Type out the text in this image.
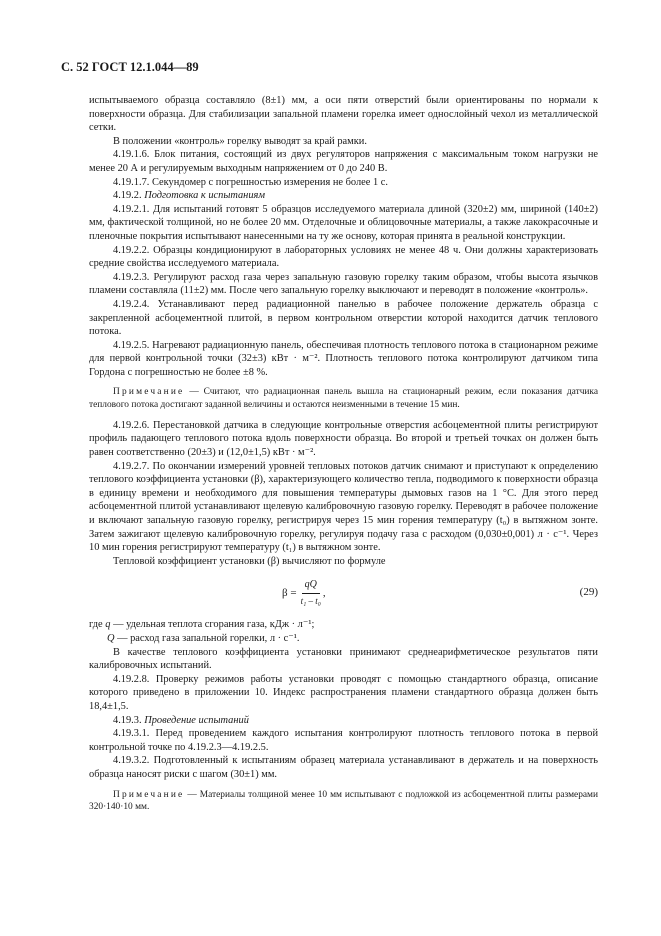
С. 52 ГОСТ 12.1.044—89

испытываемого образца составляло (8±1) мм, а оси пяти отверстий были ориентированы по нормали к поверхности образца. Для стабилизации запальной пламени горелка имеет однослойный чехол из металлической сетки.

В положении «контроль» горелку выводят за край рамки.

4.19.1.6. Блок питания, состоящий из двух регуляторов напряжения с максимальным током нагрузки не менее 20 А и регулируемым выходным напряжением от 0 до 240 В.

4.19.1.7. Секундомер с погрешностью измерения не более 1 с.

4.19.2. Подготовка к испытаниям

4.19.2.1. Для испытаний готовят 5 образцов исследуемого материала длиной (320±2) мм, шириной (140±2) мм, фактической толщиной, но не более 20 мм. Отделочные и облицовочные материалы, а также лакокрасочные и пленочные покрытия испытывают нанесенными на ту же основу, которая принята в реальной конструкции.

4.19.2.2. Образцы кондиционируют в лабораторных условиях не менее 48 ч. Они должны характеризовать средние свойства исследуемого материала.

4.19.2.3. Регулируют расход газа через запальную газовую горелку таким образом, чтобы высота язычков пламени составляла (11±2) мм. После чего запальную горелку выключают и переводят в положение «контроль».

4.19.2.4. Устанавливают перед радиационной панелью в рабочее положение держатель образца с закрепленной асбоцементной плитой, в первом контрольном отверстии которой находится датчик теплового потока.

4.19.2.5. Нагревают радиационную панель, обеспечивая плотность теплового потока в стационарном режиме для первой контрольной точки (32±3) кВт · м⁻². Плотность теплового потока контролируют датчиком типа Гордона с погрешностью не более ±8 %.

Примечание — Считают, что радиационная панель вышла на стационарный режим, если показания датчика теплового потока достигают заданной величины и остаются неизменными в течение 15 мин.

4.19.2.6. Перестановкой датчика в следующие контрольные отверстия асбоцементной плиты регистрируют профиль падающего теплового потока вдоль поверхности образца. Во второй и третьей точках он должен быть равен соответственно (20±3) и (12,0±1,5) кВт · м⁻².

4.19.2.7. По окончании измерений уровней тепловых потоков датчик снимают и приступают к определению теплового коэффициента установки (β), характеризующего количество тепла, подводимого к поверхности образца в единицу времени и необходимого для повышения температуры дымовых газов на 1 °С. Для этого перед асбоцементной плитой устанавливают щелевую калибровочную газовую горелку. Переводят в рабочее положение и включают запальную газовую горелку, регистрируя через 15 мин горения температуру (t₀) в вытяжном зонте. Затем зажигают щелевую калибровочную горелку, регулируя подачу газа с расходом (0,030±0,001) л · с⁻¹. Через 10 мин горения регистрируют температуру (t₁) в вытяжном зонте.

Тепловой коэффициент установки (β) вычисляют по формуле

$\beta = \frac{qQ}{\text{t₁ – t₀}}$ ,	(29)
где q — удельная теплота сгорания газа, кДж · л⁻¹;
Q — расход газа запальной горелки, л · с⁻¹.

В качестве теплового коэффициента установки принимают среднеарифметическое результатов пяти калибровочных испытаний.

4.19.2.8. Проверку режимов работы установки проводят с помощью стандартного образца, описание которого приведено в приложении 10. Индекс распространения пламени стандартного образца должен быть 18,4±1,5.

4.19.3. Проведение испытаний

4.19.3.1. Перед проведением каждого испытания контролируют плотность теплового потока в первой контрольной точке по 4.19.2.3—4.19.2.5.

4.19.3.2. Подготовленный к испытаниям образец материала устанавливают в держатель и на поверхность образца наносят риски с шагом (30±1) мм.

Примечание — Материалы толщиной менее 10 мм испытывают с подложкой из асбоцементной плиты размерами 320·140·10 мм.
